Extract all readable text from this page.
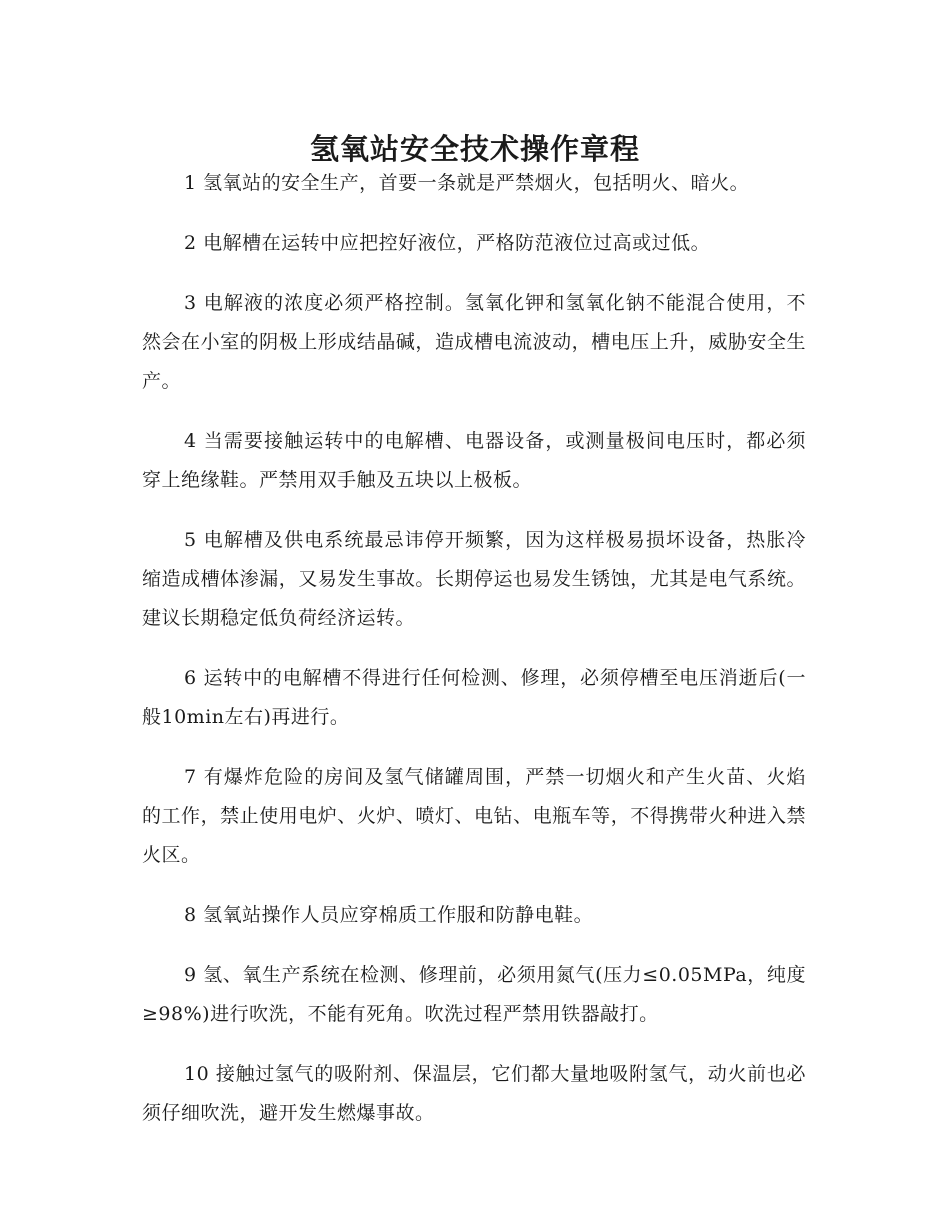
氢氧站安全技术操作章程

1 氢氧站的安全生产，首要一条就是严禁烟火，包括明火、暗火。

2 电解槽在运转中应把控好液位，严格防范液位过高或过低。

3 电解液的浓度必须严格控制。氢氧化钾和氢氧化钠不能混合使用，不然会在小室的阴极上形成结晶碱，造成槽电流波动，槽电压上升，威胁安全生产。

4 当需要接触运转中的电解槽、电器设备，或测量极间电压时，都必须穿上绝缘鞋。严禁用双手触及五块以上极板。

5 电解槽及供电系统最忌讳停开频繁，因为这样极易损坏设备，热胀冷缩造成槽体渗漏，又易发生事故。长期停运也易发生锈蚀，尤其是电气系统。建议长期稳定低负荷经济运转。

6 运转中的电解槽不得进行任何检测、修理，必须停槽至电压消逝后(一般10min左右)再进行。

7 有爆炸危险的房间及氢气储罐周围，严禁一切烟火和产生火苗、火焰的工作，禁止使用电炉、火炉、喷灯、电钻、电瓶车等，不得携带火种进入禁火区。

8 氢氧站操作人员应穿棉质工作服和防静电鞋。

9 氢、氧生产系统在检测、修理前，必须用氮气(压力≤0.05MPa，纯度≥98%)进行吹洗，不能有死角。吹洗过程严禁用铁器敲打。

10 接触过氢气的吸附剂、保温层，它们都大量地吸附氢气，动火前也必须仔细吹洗，避开发生燃爆事故。
